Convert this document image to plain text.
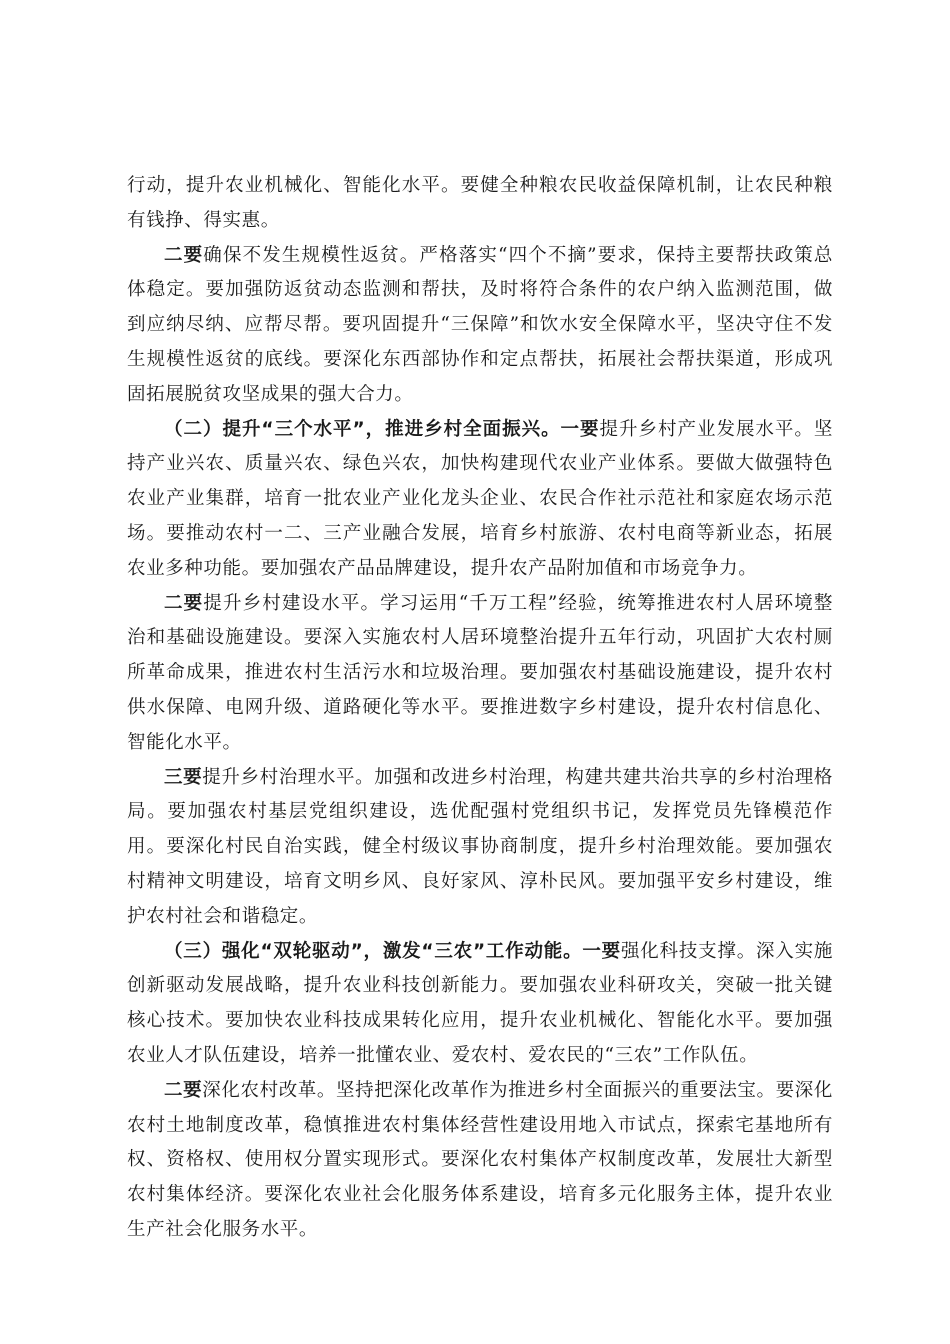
行动，提升农业机械化、智能化水平。要健全种粮农民收益保障机制，让农民种粮有钱挣、得实惠。

二要确保不发生规模性返贫。严格落实“四个不摘”要求，保持主要帮扶政策总体稳定。要加强防返贫动态监测和帮扶，及时将符合条件的农户纳入监测范围，做到应纳尽纳、应帮尽帮。要巩固提升“三保障”和饮水安全保障水平，坚决守住不发生规模性返贫的底线。要深化东西部协作和定点帮扶，拓展社会帮扶渠道，形成巩固拓展脱贫攻坚成果的强大合力。

（二）提升“三个水平”，推进乡村全面振兴。一要提升乡村产业发展水平。坚持产业兴农、质量兴农、绿色兴农，加快构建现代农业产业体系。要做大做强特色农业产业集群，培育一批农业产业化龙头企业、农民合作社示范社和家庭农场示范场。要推动农村一二、三产业融合发展，培育乡村旅游、农村电商等新业态，拓展农业多种功能。要加强农产品品牌建设，提升农产品附加值和市场竞争力。

二要提升乡村建设水平。学习运用“千万工程”经验，统筹推进农村人居环境整治和基础设施建设。要深入实施农村人居环境整治提升五年行动，巩固扩大农村厕所革命成果，推进农村生活污水和垃圾治理。要加强农村基础设施建设，提升农村供水保障、电网升级、道路硬化等水平。要推进数字乡村建设，提升农村信息化、智能化水平。

三要提升乡村治理水平。加强和改进乡村治理，构建共建共治共享的乡村治理格局。要加强农村基层党组织建设，选优配强村党组织书记，发挥党员先锋模范作用。要深化村民自治实践，健全村级议事协商制度，提升乡村治理效能。要加强农村精神文明建设，培育文明乡风、良好家风、淳朴民风。要加强平安乡村建设，维护农村社会和谐稳定。

（三）强化“双轮驱动”，激发“三农”工作动能。一要强化科技支撑。深入实施创新驱动发展战略，提升农业科技创新能力。要加强农业科研攻关，突破一批关键核心技术。要加快农业科技成果转化应用，提升农业机械化、智能化水平。要加强农业人才队伍建设，培养一批懂农业、爱农村、爱农民的“三农”工作队伍。

二要深化农村改革。坚持把深化改革作为推进乡村全面振兴的重要法宝。要深化农村土地制度改革，稳慎推进农村集体经营性建设用地入市试点，探索宅基地所有权、资格权、使用权分置实现形式。要深化农村集体产权制度改革，发展壮大新型农村集体经济。要深化农业社会化服务体系建设，培育多元化服务主体，提升农业生产社会化服务水平。
